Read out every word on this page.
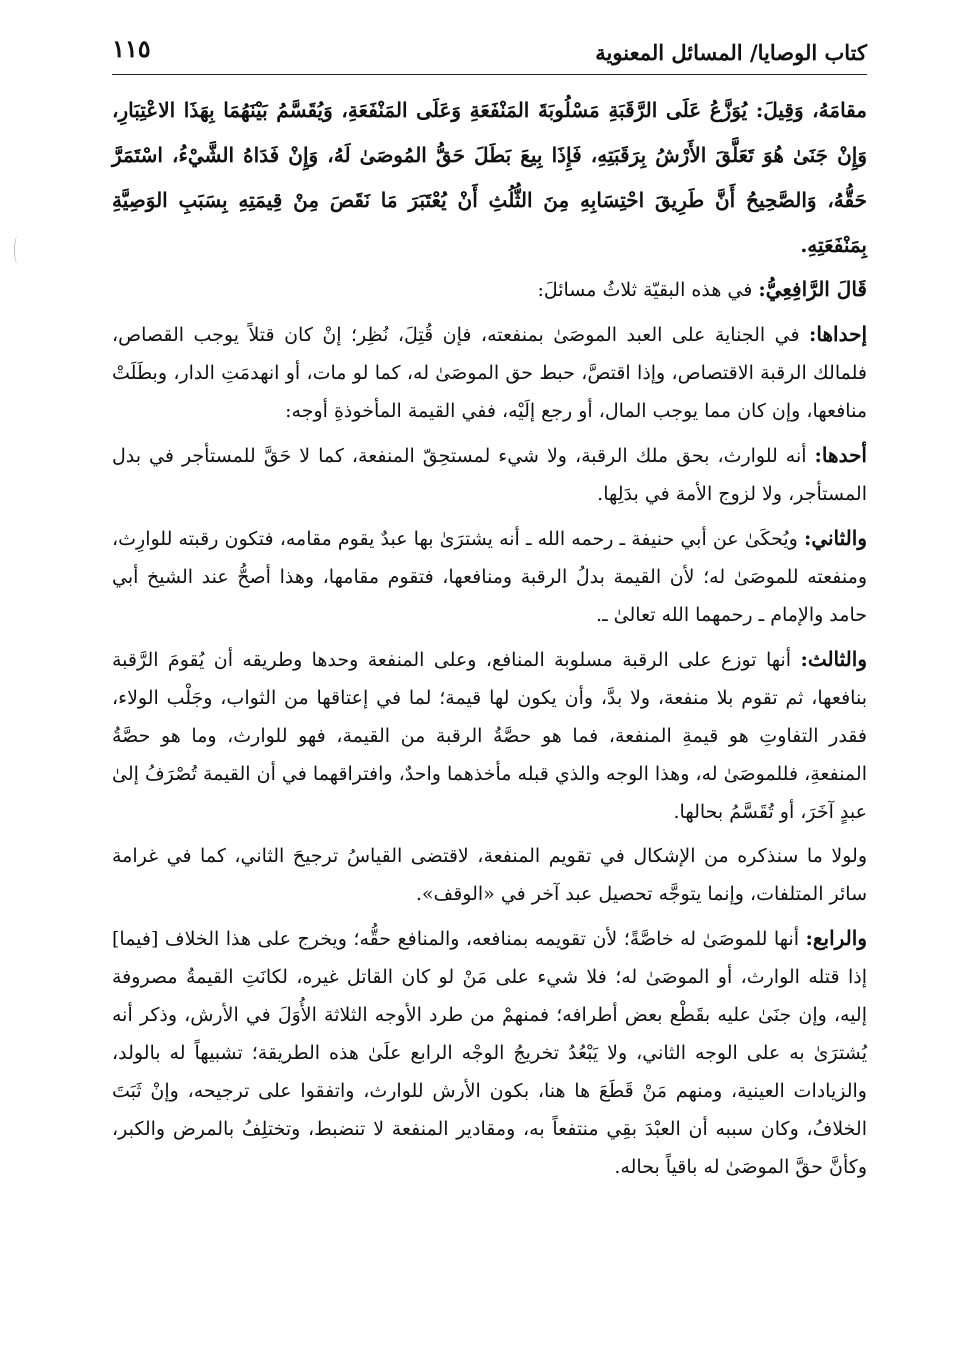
كتاب الوصايا/ المسائل المعنوية
١١٥

مقامَهُ، وَقِيلَ: يُوَزَّعُ عَلَى الرَّقَبَةِ مَسْلُوبَةَ المَنْفَعَةِ وَعَلَى المَنْفَعَةِ، وَيُقَسَّمُ بَيْنَهُمَا بِهَذَا الاعْتِبَارِ، وَإِنْ جَنَىٰ هُوَ تَعَلَّقَ الأَرْشُ بِرَقَبَتِهِ، فَإِذَا بِيعَ بَطَلَ حَقُّ المُوصَىٰ لَهُ، وَإِنْ فَدَاهُ الشَّيْءُ، اسْتَمَرَّ حَقُّهُ، وَالصَّحِيحُ أَنَّ طَرِيقَ احْتِسَابِهِ مِنَ الثُّلُثِ أَنْ يُعْتَبَرَ مَا نَقَصَ مِنْ قِيمَتِهِ بِسَبَبِ الوَصِيَّةِ بِمَنْفَعَتِهِ.

قَالَ الرَّافِعِيُّ: في هذه البقيّة ثلاثُ مسائلَ:

إحداها: في الجناية على العبد الموصَىٰ بمنفعته، فإن قُتِلَ، نُظِر؛ إنْ كان قتلاً يوجب القصاص، فلمالك الرقبة الاقتصاص، وإذا اقتصَّ، حبط حق الموصَىٰ له، كما لو مات، أو انهدمَتِ الدار، وبطَلَتْ منافعها، وإن كان مما يوجب المال، أو رجع إلَيْه، ففي القيمة المأخوذةِ أوجه:

أحدها: أنه للوارث، بحق ملك الرقبة، ولا شيء لمستحِقّ المنفعة، كما لا حَقَّ للمستأجر في بدل المستأجر، ولا لزوج الأمة في بدَلِها.

والثاني: ويُحكَىٰ عن أبي حنيفة ـ رحمه الله ـ أنه يشترَىٰ بها عبدٌ يقوم مقامه، فتكون رقبته للوارِث، ومنفعته للموصَىٰ له؛ لأن القيمة بدلُ الرقبة ومنافعها، فتقوم مقامها، وهذا أصحُّ عند الشيخ أبي حامد والإمام ـ رحمهما الله تعالىٰ ـ.

والثالث: أنها توزع على الرقبة مسلوبة المنافع، وعلى المنفعة وحدها وطريقه أن يُقومَ الرَّقبة بنافعها، ثم تقوم بلا منفعة، ولا بدَّ، وأن يكون لها قيمة؛ لما في إعتاقها من الثواب، وجَلْب الولاء، فقدر التفاوتِ هو قيمةِ المنفعة، فما هو حصَّةُ الرقبة من القيمة، فهو للوارث، وما هو حصَّةُ المنفعةِ، فللموصَىٰ له، وهذا الوجه والذي قبله مأخذهما واحدٌ، وافتراقهما في أن القيمة تُصْرَفُ إلىٰ عبدٍ آخَرَ، أو تُقَسَّمُ بحالها.

ولولا ما سنذكره من الإشكال في تقويم المنفعة، لاقتضى القياسُ ترجيحَ الثاني، كما في غرامة سائر المتلفات، وإنما يتوجَّه تحصيل عبد آخر في «الوقف».

والرابع: أنها للموصَىٰ له خاصَّةً؛ لأن تقويمه بمنافعه، والمنافع حقُّه؛ ويخرج على هذا الخلاف [فيما] إذا قتله الوارث، أو الموصَىٰ له؛ فلا شيء على مَنْ لو كان القاتل غيره، لكانَتِ القيمةُ مصروفة إليه، وإن جنَىٰ عليه بقَطْع بعض أطرافه؛ فمنهمْ من طرد الأوجه الثلاثة الأُوَلَ في الأرش، وذكر أنه يُشترَىٰ به على الوجه الثاني، ولا يَبْعُدُ تخريجُ الوجْه الرابع علَىٰ هذه الطريقة؛ تشبيهاً له بالولد، والزيادات العينية، ومنهم مَنْ قَطَعَ ها هنا، بكون الأرش للوارث، واتفقوا على ترجيحه، وإنْ ثَبَتَ الخلافُ، وكان سببه أن العبْدَ بقِي منتفعاً به، ومقادير المنفعة لا تنضبط، وتختلِفُ بالمرض والكبر، وكأنَّ حقَّ الموصَىٰ له باقياً بحاله.
